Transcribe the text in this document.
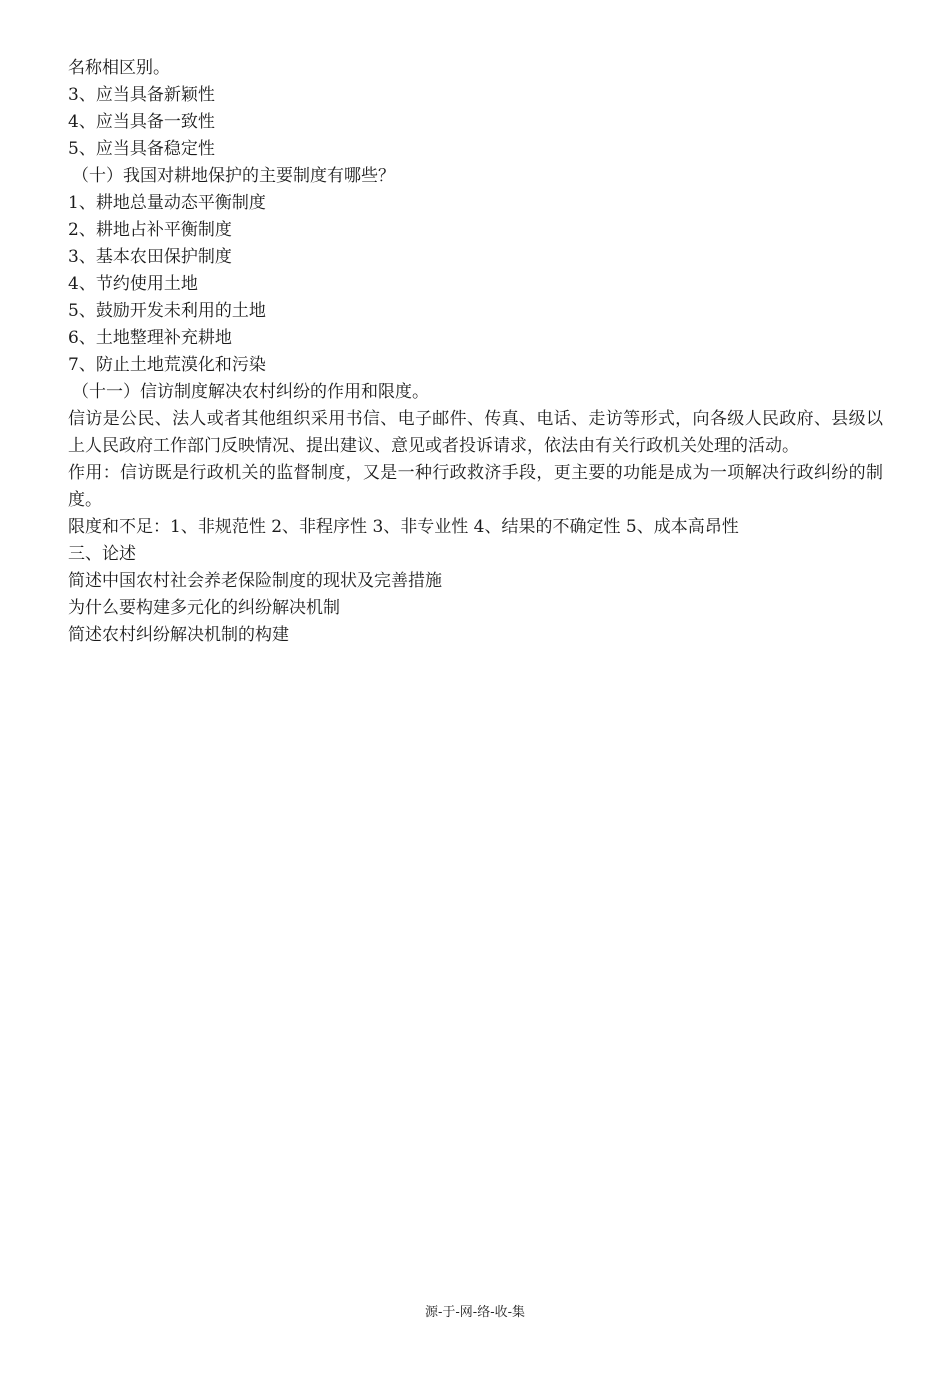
名称相区别。

3、应当具备新颖性

4、应当具备一致性

5、应当具备稳定性

（十）我国对耕地保护的主要制度有哪些？

1、耕地总量动态平衡制度

2、耕地占补平衡制度

3、基本农田保护制度

4、节约使用土地

5、鼓励开发未利用的土地

6、土地整理补充耕地

7、防止土地荒漠化和污染

（十一）信访制度解决农村纠纷的作用和限度。

信访是公民、法人或者其他组织采用书信、电子邮件、传真、电话、走访等形式，向各级人民政府、县级以上人民政府工作部门反映情况、提出建议、意见或者投诉请求，依法由有关行政机关处理的活动。

作用：信访既是行政机关的监督制度，又是一种行政救济手段，更主要的功能是成为一项解决行政纠纷的制度。

限度和不足：1、非规范性 2、非程序性 3、非专业性 4、结果的不确定性 5、成本高昂性

三、论述

简述中国农村社会养老保险制度的现状及完善措施

为什么要构建多元化的纠纷解决机制

简述农村纠纷解决机制的构建

源-于-网-络-收-集
